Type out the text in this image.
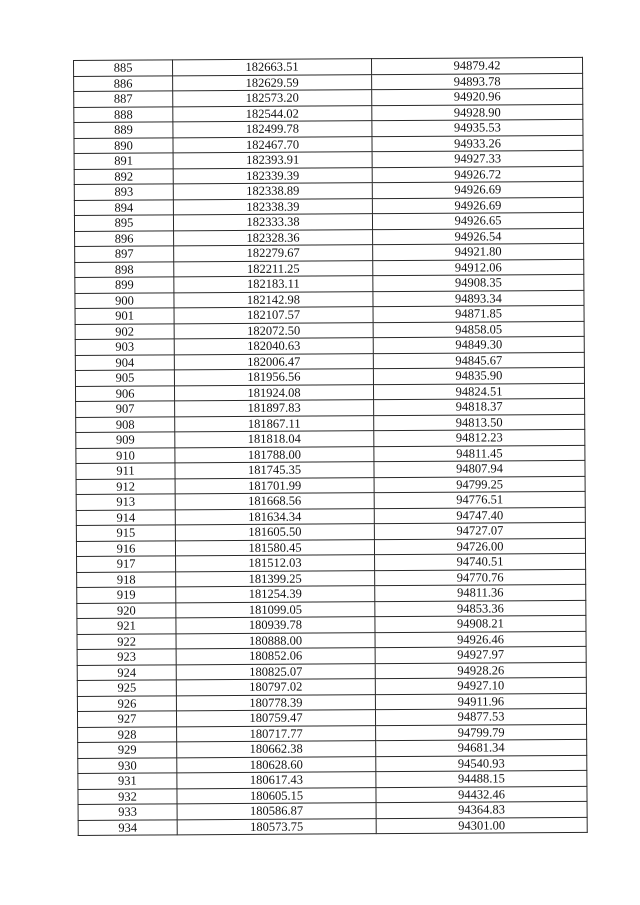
885	182663.51	94879.42
886	182629.59	94893.78
887	182573.20	94920.96
888	182544.02	94928.90
889	182499.78	94935.53
890	182467.70	94933.26
891	182393.91	94927.33
892	182339.39	94926.72
893	182338.89	94926.69
894	182338.39	94926.69
895	182333.38	94926.65
896	182328.36	94926.54
897	182279.67	94921.80
898	182211.25	94912.06
899	182183.11	94908.35
900	182142.98	94893.34
901	182107.57	94871.85
902	182072.50	94858.05
903	182040.63	94849.30
904	182006.47	94845.67
905	181956.56	94835.90
906	181924.08	94824.51
907	181897.83	94818.37
908	181867.11	94813.50
909	181818.04	94812.23
910	181788.00	94811.45
911	181745.35	94807.94
912	181701.99	94799.25
913	181668.56	94776.51
914	181634.34	94747.40
915	181605.50	94727.07
916	181580.45	94726.00
917	181512.03	94740.51
918	181399.25	94770.76
919	181254.39	94811.36
920	181099.05	94853.36
921	180939.78	94908.21
922	180888.00	94926.46
923	180852.06	94927.97
924	180825.07	94928.26
925	180797.02	94927.10
926	180778.39	94911.96
927	180759.47	94877.53
928	180717.77	94799.79
929	180662.38	94681.34
930	180628.60	94540.93
931	180617.43	94488.15
932	180605.15	94432.46
933	180586.87	94364.83
934	180573.75	94301.00
